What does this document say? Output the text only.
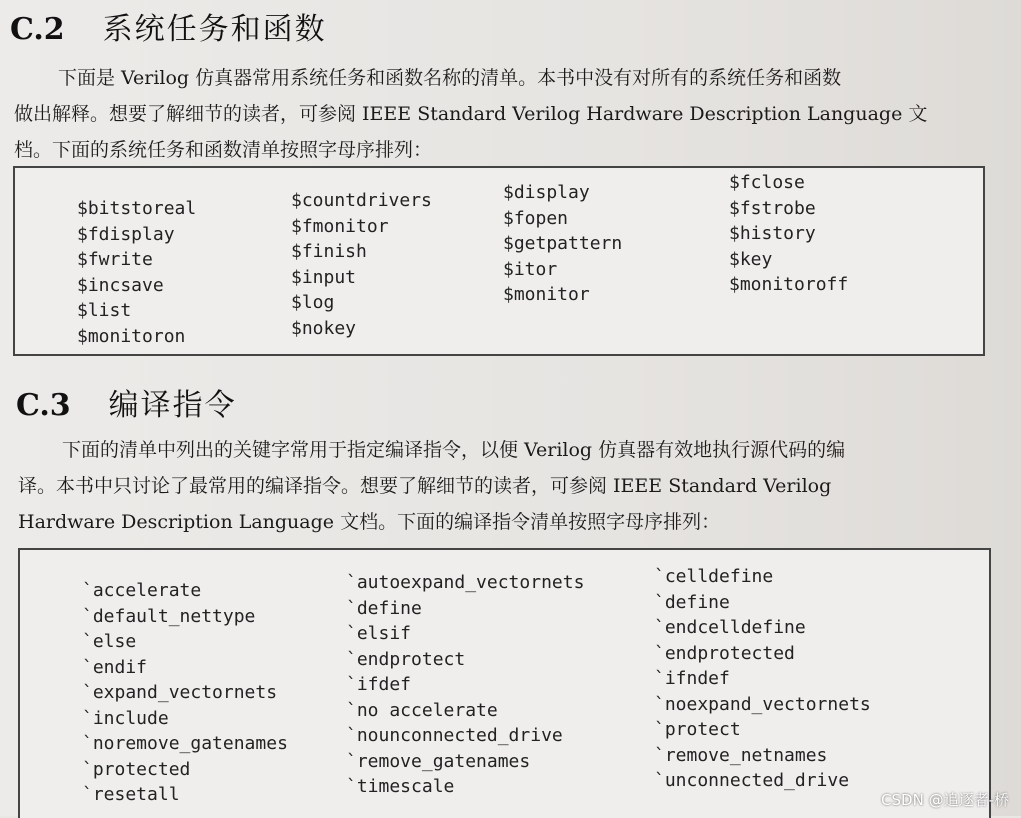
C.2 系统任务和函数

下面是 Verilog 仿真器常用系统任务和函数名称的清单。本书中没有对所有的系统任务和函数

做出解释。想要了解细节的读者，可参阅 IEEE Standard Verilog Hardware Description Language 文

档。下面的系统任务和函数清单按照字母序排列：

$bitstoreal
$fdisplay
$fwrite
$incsave
$list
$monitoron
$countdrivers
$fmonitor
$finish
$input
$log
$nokey
$display
$fopen
$getpattern
$itor
$monitor
$fclose
$fstrobe
$history
$key
$monitoroff
C.3 编译指令

下面的清单中列出的关键字常用于指定编译指令，以便 Verilog 仿真器有效地执行源代码的编

译。本书中只讨论了最常用的编译指令。想要了解细节的读者，可参阅 IEEE Standard Verilog

Hardware Description Language 文档。下面的编译指令清单按照字母序排列：

`accelerate
`default_nettype
`else
`endif
`expand_vectornets
`include
`noremove_gatenames
`protected
`resetall
`autoexpand_vectornets
`define
`elsif
`endprotect
`ifdef
`no accelerate
`nounconnected_drive
`remove_gatenames
`timescale
`celldefine
`define
`endcelldefine
`endprotected
`ifndef
`noexpand_vectornets
`protect
`remove_netnames
`unconnected_drive
CSDN @追逐者-桥
